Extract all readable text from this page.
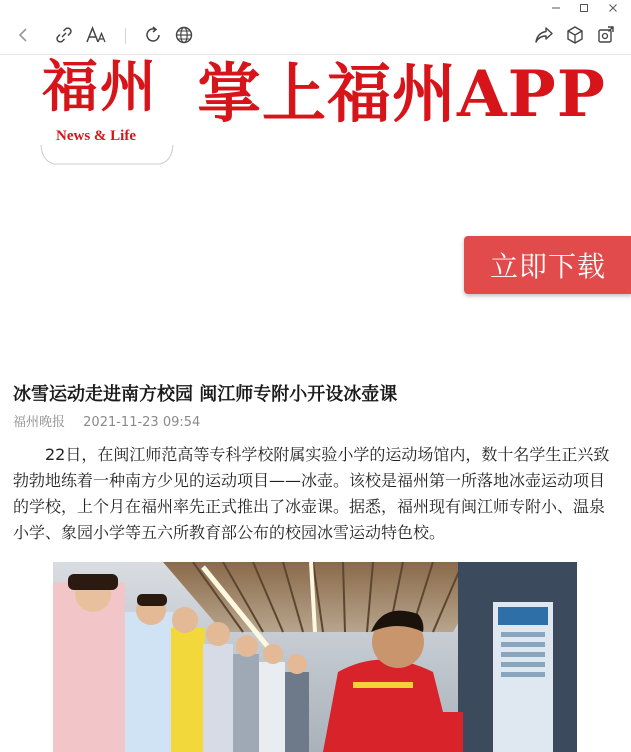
福州
News & Life
掌上福州APP
立即下载
冰雪运动走进南方校园 闽江师专附小开设冰壶课
福州晚报 2021-11-23 09:54

22日，在闽江师范高等专科学校附属实验小学的运动场馆内，数十名学生正兴致勃勃地练着一种南方少见的运动项目——冰壶。该校是福州第一所落地冰壶运动项目的学校，上个月在福州率先正式推出了冰壶课。据悉，福州现有闽江师专附小、温泉小学、象园小学等五六所教育部公布的校园冰雪运动特色校。
